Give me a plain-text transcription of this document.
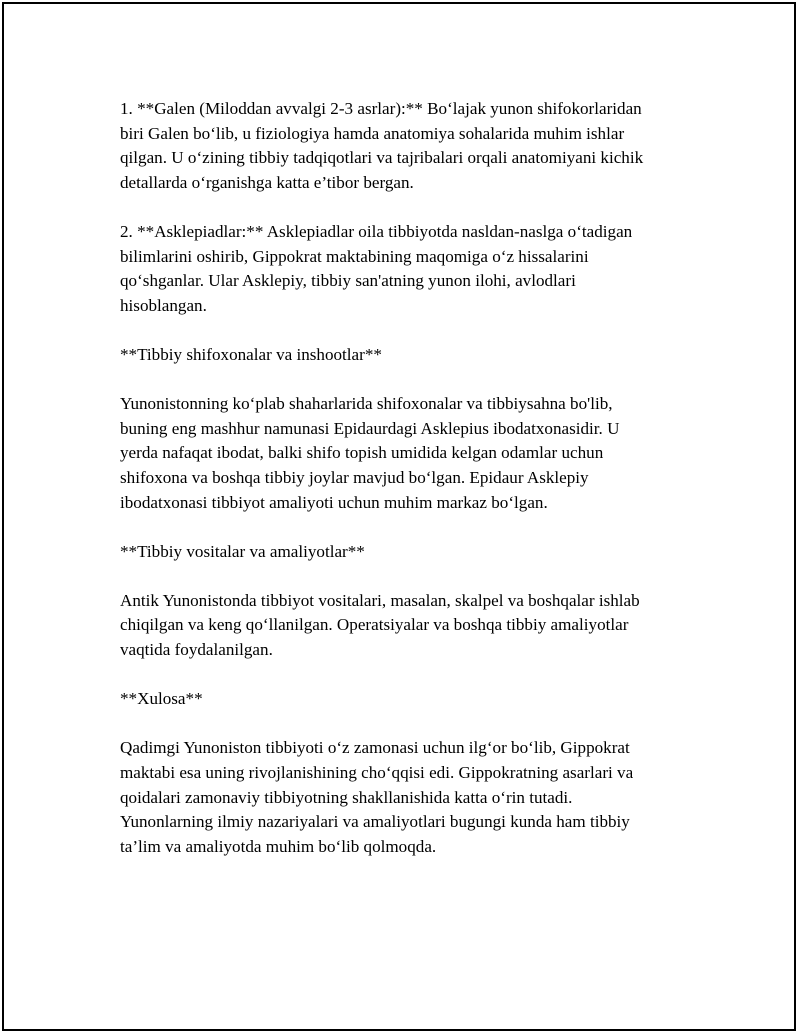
1. **Galen (Miloddan avvalgi 2-3 asrlar):** Bo‘lajak yunon shifokorlaridan
biri Galen bo‘lib, u fiziologiya hamda anatomiya sohalarida muhim ishlar
qilgan. U o‘zining tibbiy tadqiqotlari va tajribalari orqali anatomiyani kichik
detallarda o‘rganishga katta e’tibor bergan.

2. **Asklepiadlar:** Asklepiadlar oila tibbiyotda nasldan-naslga o‘tadigan
bilimlarini oshirib, Gippokrat maktabining maqomiga o‘z hissalarini
qo‘shganlar. Ular Asklepiy, tibbiy san'atning yunon ilohi, avlodlari
hisoblangan.

**Tibbiy shifoxonalar va inshootlar**

Yunonistonning ko‘plab shaharlarida shifoxonalar va tibbiysahna bo'lib,
buning eng mashhur namunasi Epidaurdagi Asklepius ibodatxonasidir. U
yerda nafaqat ibodat, balki shifo topish umidida kelgan odamlar uchun
shifoxona va boshqa tibbiy joylar mavjud bo‘lgan. Epidaur Asklepiy
ibodatxonasi tibbiyot amaliyoti uchun muhim markaz bo‘lgan.

**Tibbiy vositalar va amaliyotlar**

Antik Yunonistonda tibbiyot vositalari, masalan, skalpel va boshqalar ishlab
chiqilgan va keng qo‘llanilgan. Operatsiyalar va boshqa tibbiy amaliyotlar
vaqtida foydalanilgan.

**Xulosa**

Qadimgi Yunoniston tibbiyoti o‘z zamonasi uchun ilg‘or bo‘lib, Gippokrat
maktabi esa uning rivojlanishining cho‘qqisi edi. Gippokratning asarlari va
qoidalari zamonaviy tibbiyotning shakllanishida katta o‘rin tutadi.
Yunonlarning ilmiy nazariyalari va amaliyotlari bugungi kunda ham tibbiy
ta’lim va amaliyotda muhim bo‘lib qolmoqda.
